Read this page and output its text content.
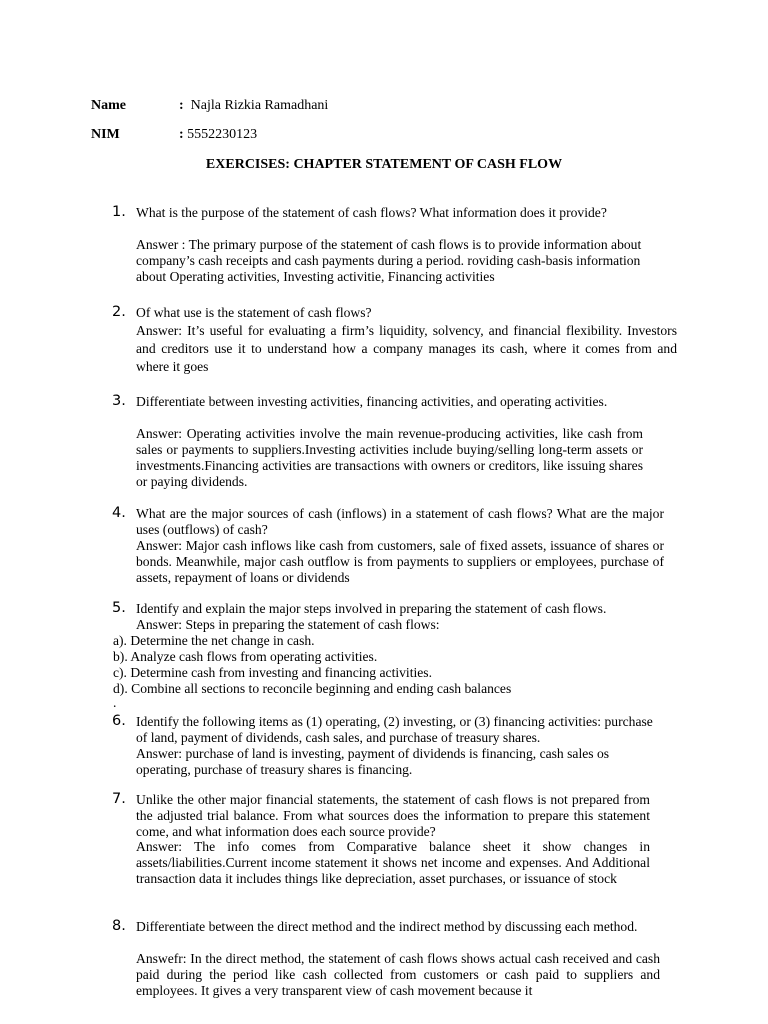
Name	: Najla Rizkia Ramadhani
NIM	: 5552230123
EXERCISES: CHAPTER STATEMENT OF CASH FLOW
1. What is the purpose of the statement of cash flows? What information does it provide?
Answer : The primary purpose of the statement of cash flows is to provide information about company’s cash receipts and cash payments during a period. roviding cash-basis information about Operating activities, Investing activitie, Financing activities
2. Of what use is the statement of cash flows?
Answer: It’s useful for evaluating a firm’s liquidity, solvency, and financial flexibility. Investors and creditors use it to understand how a company manages its cash, where it comes from and where it goes
3. Differentiate between investing activities, financing activities, and operating activities.
Answer: Operating activities involve the main revenue-producing activities, like cash from sales or payments to suppliers.Investing activities include buying/selling long-term assets or investments.Financing activities are transactions with owners or creditors, like issuing shares or paying dividends.
4. What are the major sources of cash (inflows) in a statement of cash flows? What are the major uses (outflows) of cash?
Answer: Major cash inflows like cash from customers, sale of fixed assets, issuance of shares or bonds. Meanwhile, major cash outflow is from payments to suppliers or employees, purchase of assets, repayment of loans or dividends
5. Identify and explain the major steps involved in preparing the statement of cash flows.
Answer: Steps in preparing the statement of cash flows:
a). Determine the net change in cash.
b). Analyze cash flows from operating activities.
c). Determine cash from investing and financing activities.
d). Combine all sections to reconcile beginning and ending cash balances
.
6. Identify the following items as (1) operating, (2) investing, or (3) financing activities: purchase of land, payment of dividends, cash sales, and purchase of treasury shares.
Answer: purchase of land is investing, payment of dividends is financing, cash sales os operating, purchase of treasury shares is financing.
7. Unlike the other major financial statements, the statement of cash flows is not prepared from the adjusted trial balance. From what sources does the information to prepare this statement come, and what information does each source provide?
Answer: The info comes from Comparative balance sheet it show changes in assets/liabilities.Current income statement it shows net income and expenses. And Additional transaction data it includes things like depreciation, asset purchases, or issuance of stock
8. Differentiate between the direct method and the indirect method by discussing each method.
Answefr: In the direct method, the statement of cash flows shows actual cash received and cash paid during the period like cash collected from customers or cash paid to suppliers and employees. It gives a very transparent view of cash movement because it
